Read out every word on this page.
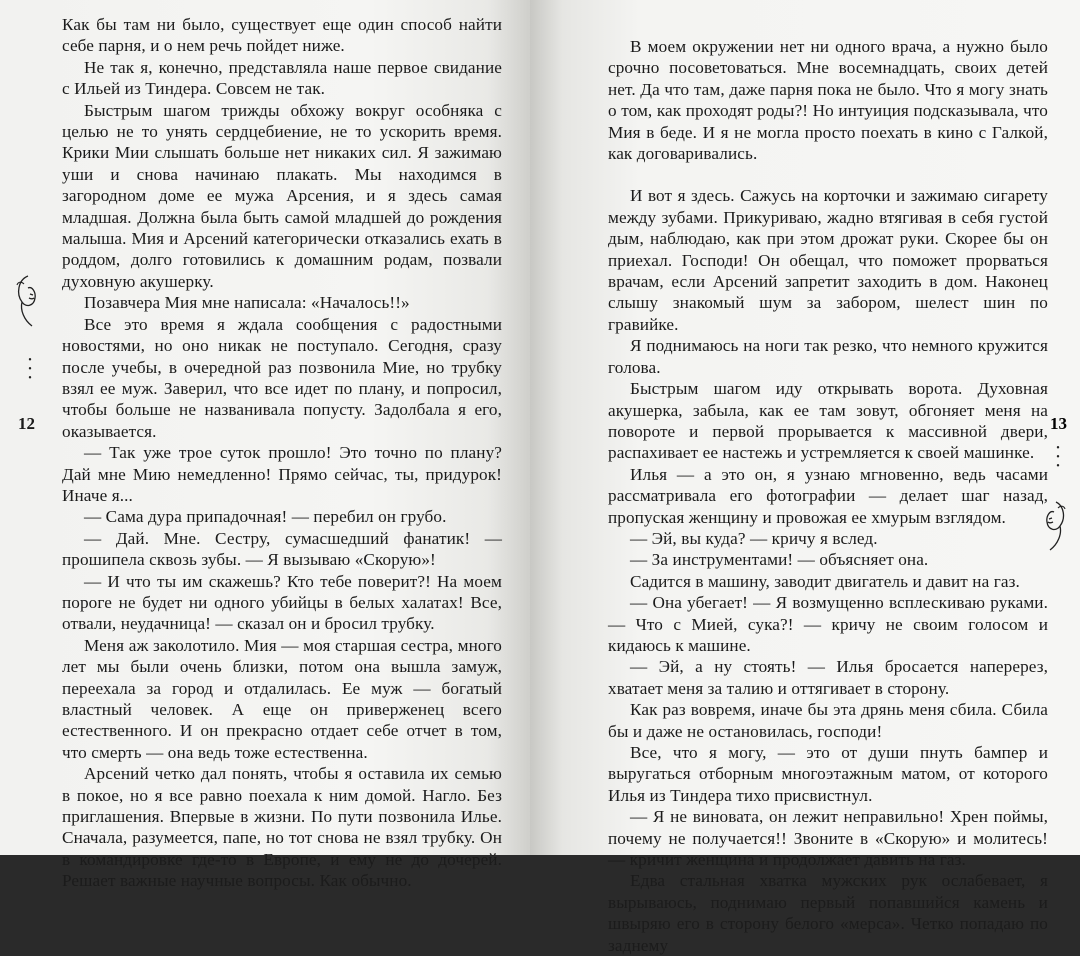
Как бы там ни было, существует еще один способ найти себе парня, и о нем речь пойдет ниже.

Не так я, конечно, представляла наше первое свидание с Ильей из Тиндера. Совсем не так.

Быстрым шагом трижды обхожу вокруг особняка с целью не то унять сердцебиение, не то ускорить время. Крики Мии слышать больше нет никаких сил. Я зажимаю уши и снова начинаю плакать. Мы находимся в загородном доме ее мужа Арсения, и я здесь самая младшая. Должна была быть самой младшей до рождения малыша. Мия и Арсений категорически отказались ехать в роддом, долго готовились к домашним родам, позвали духовную акушерку.

Позавчера Мия мне написала: «Началось!!»

Все это время я ждала сообщения с радостными новостями, но оно никак не поступало. Сегодня, сразу после учебы, в очередной раз позвонила Мие, но трубку взял ее муж. Заверил, что все идет по плану, и попросил, чтобы больше не названивала попусту. Задолбала я его, оказывается.

— Так уже трое суток прошло! Это точно по плану? Дай мне Мию немедленно! Прямо сейчас, ты, придурок! Иначе я...

— Сама дура припадочная! — перебил он грубо.

— Дай. Мне. Сестру, сумасшедший фанатик! — прошипела сквозь зубы. — Я вызываю «Скорую»!

— И что ты им скажешь? Кто тебе поверит?! На моем пороге не будет ни одного убийцы в белых халатах! Все, отвали, неудачница! — сказал он и бросил трубку.

Меня аж заколотило. Мия — моя старшая сестра, много лет мы были очень близки, потом она вышла замуж, переехала за город и отдалилась. Ее муж — богатый властный человек. А еще он приверженец всего естественного. И он прекрасно отдает себе отчет в том, что смерть — она ведь тоже естественна.

Арсений четко дал понять, чтобы я оставила их семью в покое, но я все равно поехала к ним домой. Нагло. Без приглашения. Впервые в жизни. По пути позвонила Илье. Сначала, разумеется, папе, но тот снова не взял трубку. Он в командировке где-то в Европе, и ему не до дочерей. Решает важные научные вопросы. Как обычно.

•
•
•
12

В моем окружении нет ни одного врача, а нужно было срочно посоветоваться. Мне восемнадцать, своих детей нет. Да что там, даже парня пока не было. Что я могу знать о том, как проходят роды?! Но интуиция подсказывала, что Мия в беде. И я не могла просто поехать в кино с Галкой, как договаривались.

И вот я здесь. Сажусь на корточки и зажимаю сигарету между зубами. Прикуриваю, жадно втягивая в себя густой дым, наблюдаю, как при этом дрожат руки. Скорее бы он приехал. Господи! Он обещал, что поможет прорваться врачам, если Арсений запретит заходить в дом. Наконец слышу знакомый шум за забором, шелест шин по гравийке.

Я поднимаюсь на ноги так резко, что немного кружится голова.

Быстрым шагом иду открывать ворота. Духовная акушерка, забыла, как ее там зовут, обгоняет меня на повороте и первой прорывается к массивной двери, распахивает ее настежь и устремляется к своей машинке.

Илья — а это он, я узнаю мгновенно, ведь часами рассматривала его фотографии — делает шаг назад, пропуская женщину и провожая ее хмурым взглядом.

— Эй, вы куда? — кричу я вслед.

— За инструментами! — объясняет она.

Садится в машину, заводит двигатель и давит на газ.

— Она убегает! — Я возмущенно всплескиваю руками. — Что с Мией, сука?! — кричу не своим голосом и кидаюсь к машине.

— Эй, а ну стоять! — Илья бросается наперерез, хватает меня за талию и оттягивает в сторону.

Как раз вовремя, иначе бы эта дрянь меня сбила. Сбила бы и даже не остановилась, господи!

Все, что я могу, — это от души пнуть бампер и выругаться отборным многоэтажным матом, от которого Илья из Тиндера тихо присвистнул.

— Я не виновата, он лежит неправильно! Хрен поймы, почему не получается!! Звоните в «Скорую» и молитесь! — кричит женщина и продолжает давить на газ.

Едва стальная хватка мужских рук ослабевает, я вырываюсь, поднимаю первый попавшийся камень и швыряю его в сторону белого «мерса». Четко попадаю по заднему

13
•
•
•
